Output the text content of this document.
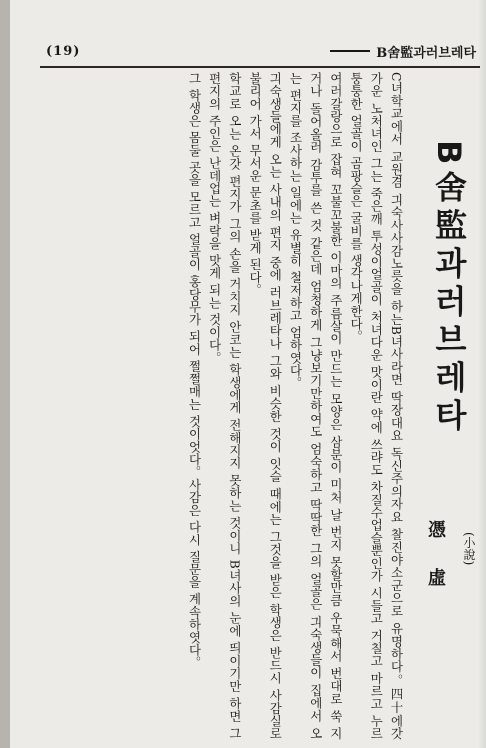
(19)	B舍監과러브레타

C녀학교에서 교원겸 긔숙사사감노릇을 하는B녀사라면 딱장대요 독신주의자요 찰진야소군으로 유명하다。四十에갓가운 노처녀인 그는 죽은깨 투성이얼골이 처녀다운 맛이란 약에 쓰랴도 차질수업슬뿐인가 시들고 거칠고 마르고 누르퉁퉁한 얼골이 곰팡슬은 굴비를 생각나게한다。

여러갈랑으로 잡혀 꼬불꼬불한 이마의 주름살이 만드는 모양은 삼분이 미처 날 번지 못할만큼 우묵해서 번대로 쑥 지거나 돌어올러 감투를 쓴 것 같은데 엄청하게 그냥보기만하여도 엄숙하고 딱딱한 그의 얼골은 긔숙생들이 집에서 오는 편지를 조사하는 일에는 유별히 철저하고 엄하엿다。

긔숙생들에게 오는 사내의 편지 중에 러브레타나 그와 비슷한 것이 잇슬 때에는 그것을 받은 학생은 반드시 사감실로 불리어 가서 무서운 문초를 받게 된다。

학교로 오는 온갓 편지가 그의 손을 거치지 안코는 학생에게 전해지지 못하는 것이니 B녀사의 눈에 띄이기만 하면 그 편지의 주인은 난데업는 벼락을 맛게 되는 것이다。

그 학생은 몸둘 곳을 모르고 얼골이 홍당무가 되어 쩔쩔매는 것이엇다。사감은 다시 질문을 계속하엿다。	B舍監과러브레타
(小說)
憑虛
